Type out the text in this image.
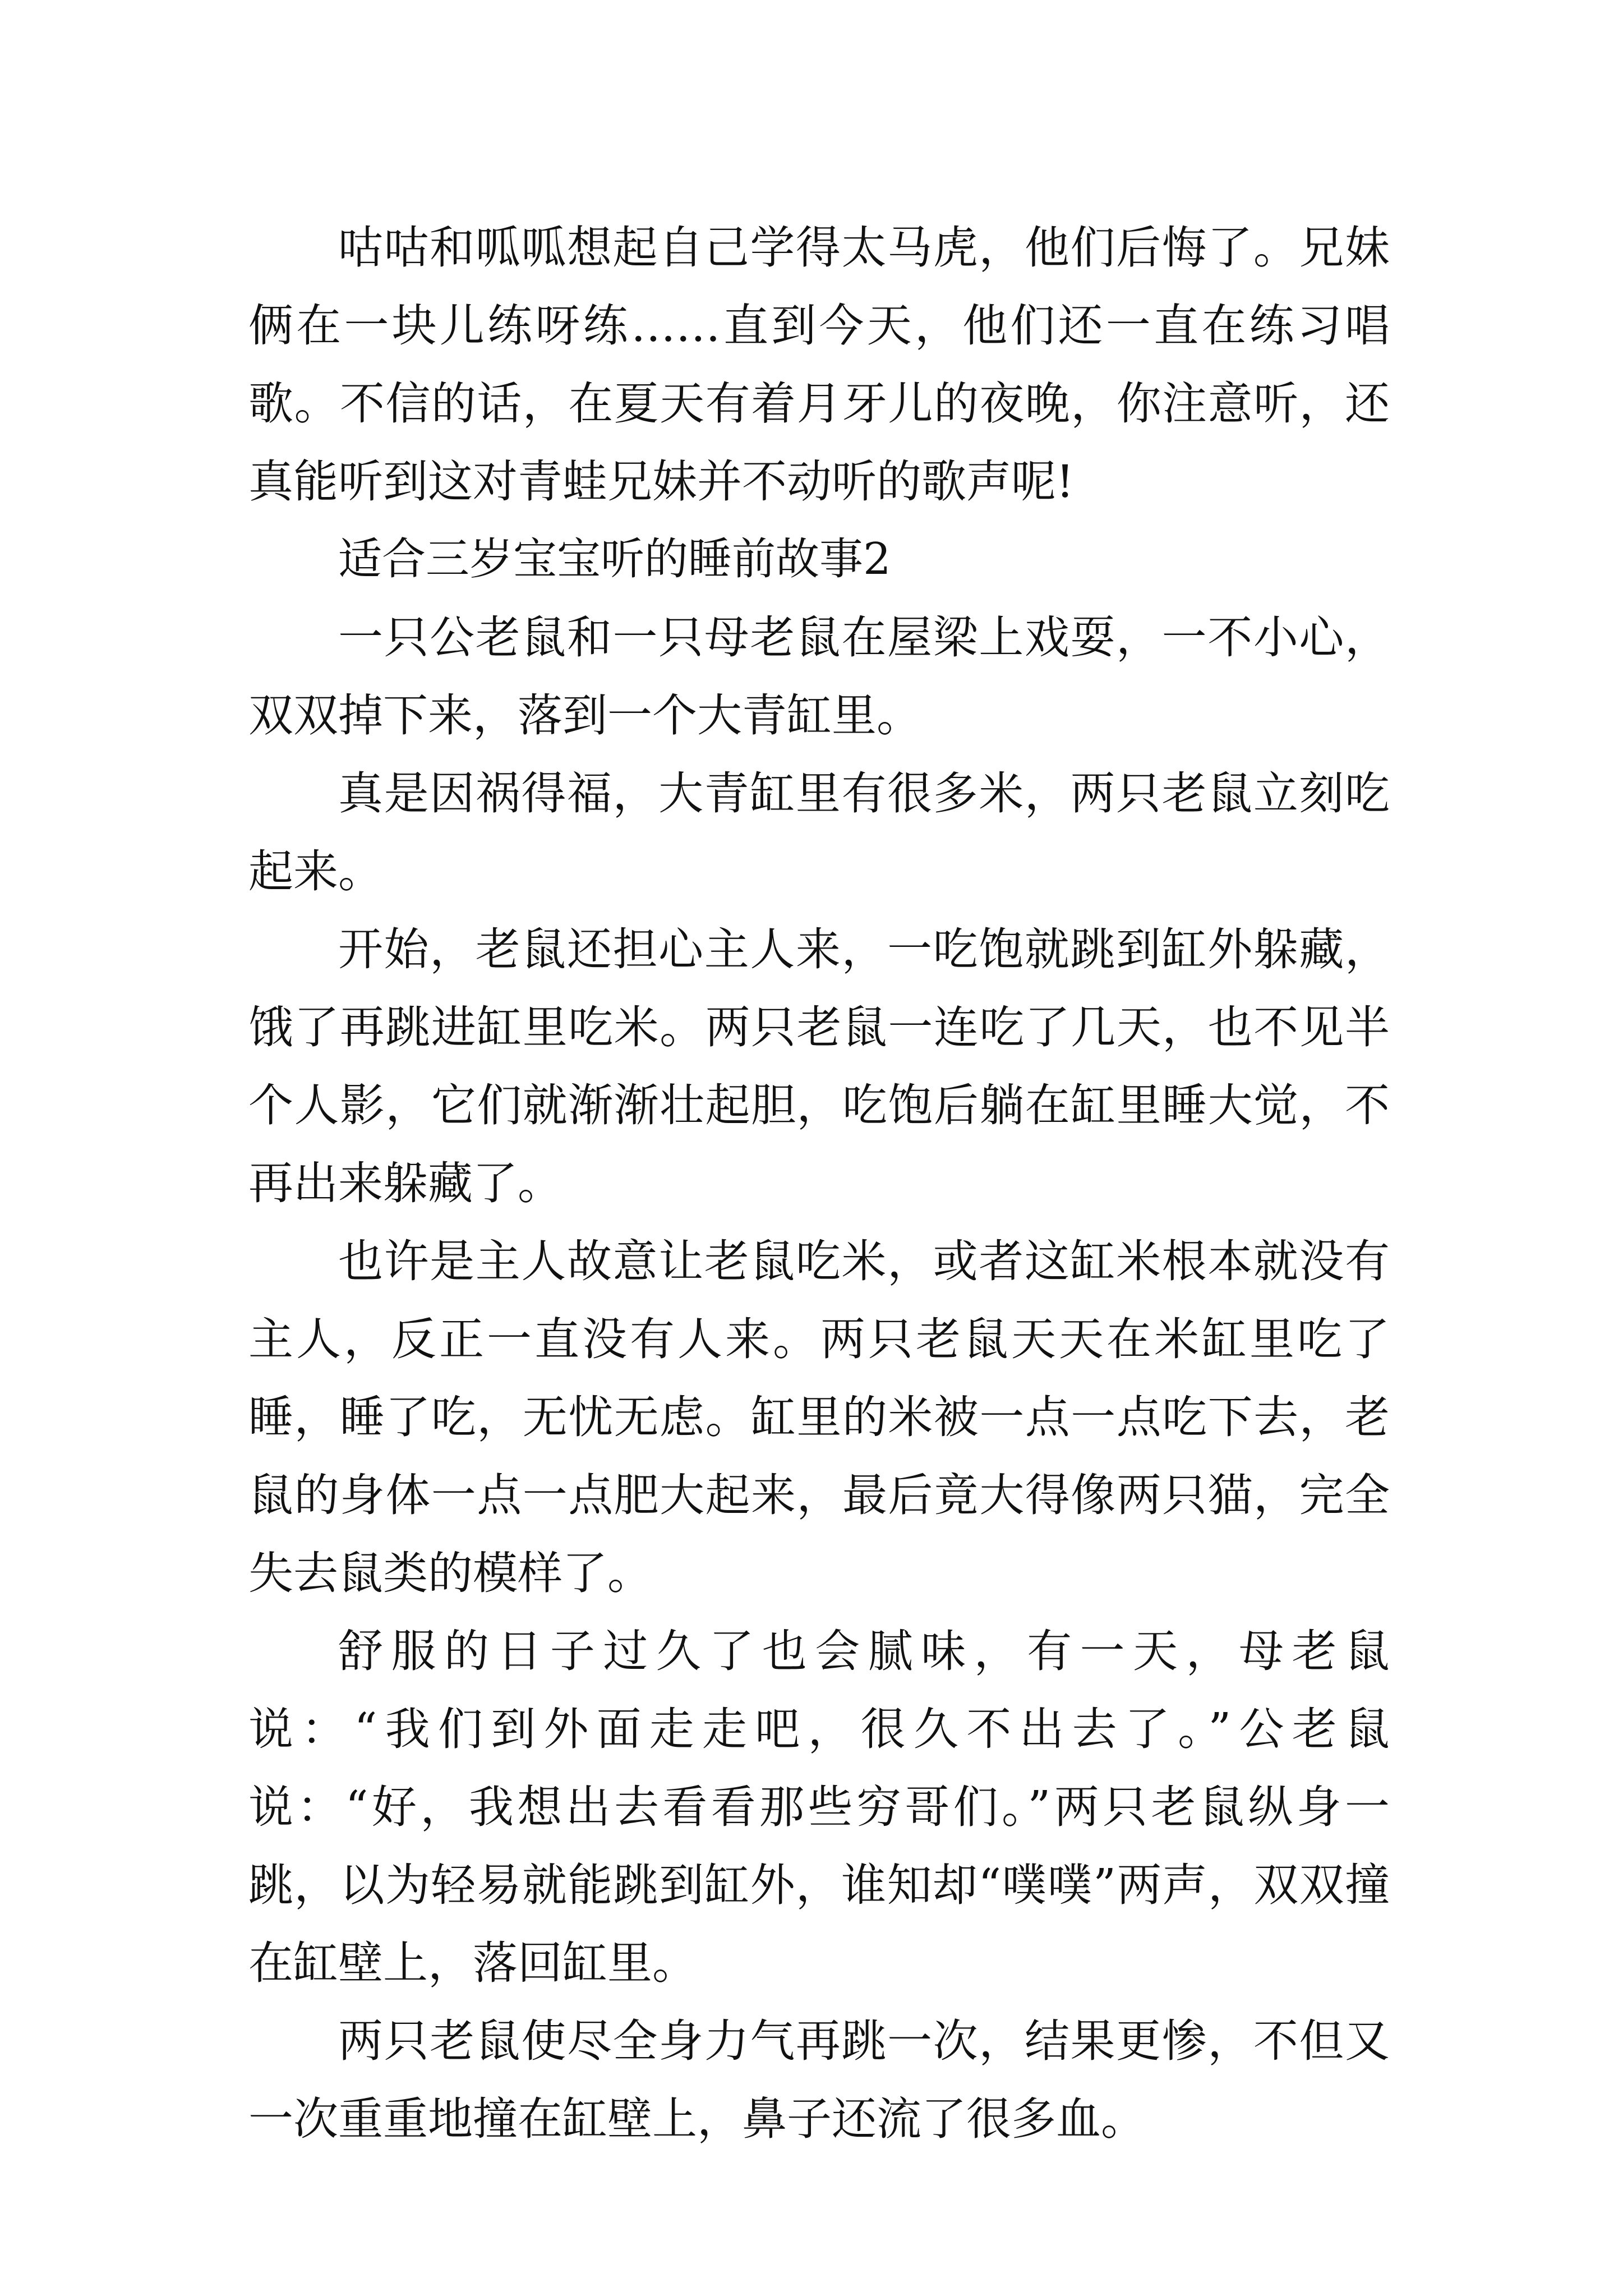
咕咕和呱呱想起自己学得太马虎，他们后悔了。兄妹俩在一块儿练呀练……直到今天，他们还一直在练习唱歌。不信的话，在夏天有着月牙儿的夜晚，你注意听，还真能听到这对青蛙兄妹并不动听的歌声呢!

适合三岁宝宝听的睡前故事2

一只公老鼠和一只母老鼠在屋梁上戏耍，一不小心，双双掉下来，落到一个大青缸里。

真是因祸得福，大青缸里有很多米，两只老鼠立刻吃起来。

开始，老鼠还担心主人来，一吃饱就跳到缸外躲藏，饿了再跳进缸里吃米。两只老鼠一连吃了几天，也不见半个人影，它们就渐渐壮起胆，吃饱后躺在缸里睡大觉，不再出来躲藏了。

也许是主人故意让老鼠吃米，或者这缸米根本就没有主人，反正一直没有人来。两只老鼠天天在米缸里吃了睡，睡了吃，无忧无虑。缸里的米被一点一点吃下去，老鼠的身体一点一点肥大起来，最后竟大得像两只猫，完全失去鼠类的模样了。

舒服的日子过久了也会腻味，有一天，母老鼠说：“我们到外面走走吧，很久不出去了。”公老鼠说：“好，我想出去看看那些穷哥们。”两只老鼠纵身一跳，以为轻易就能跳到缸外，谁知却“噗噗”两声，双双撞在缸壁上，落回缸里。

两只老鼠使尽全身力气再跳一次，结果更惨，不但又一次重重地撞在缸壁上，鼻子还流了很多血。
